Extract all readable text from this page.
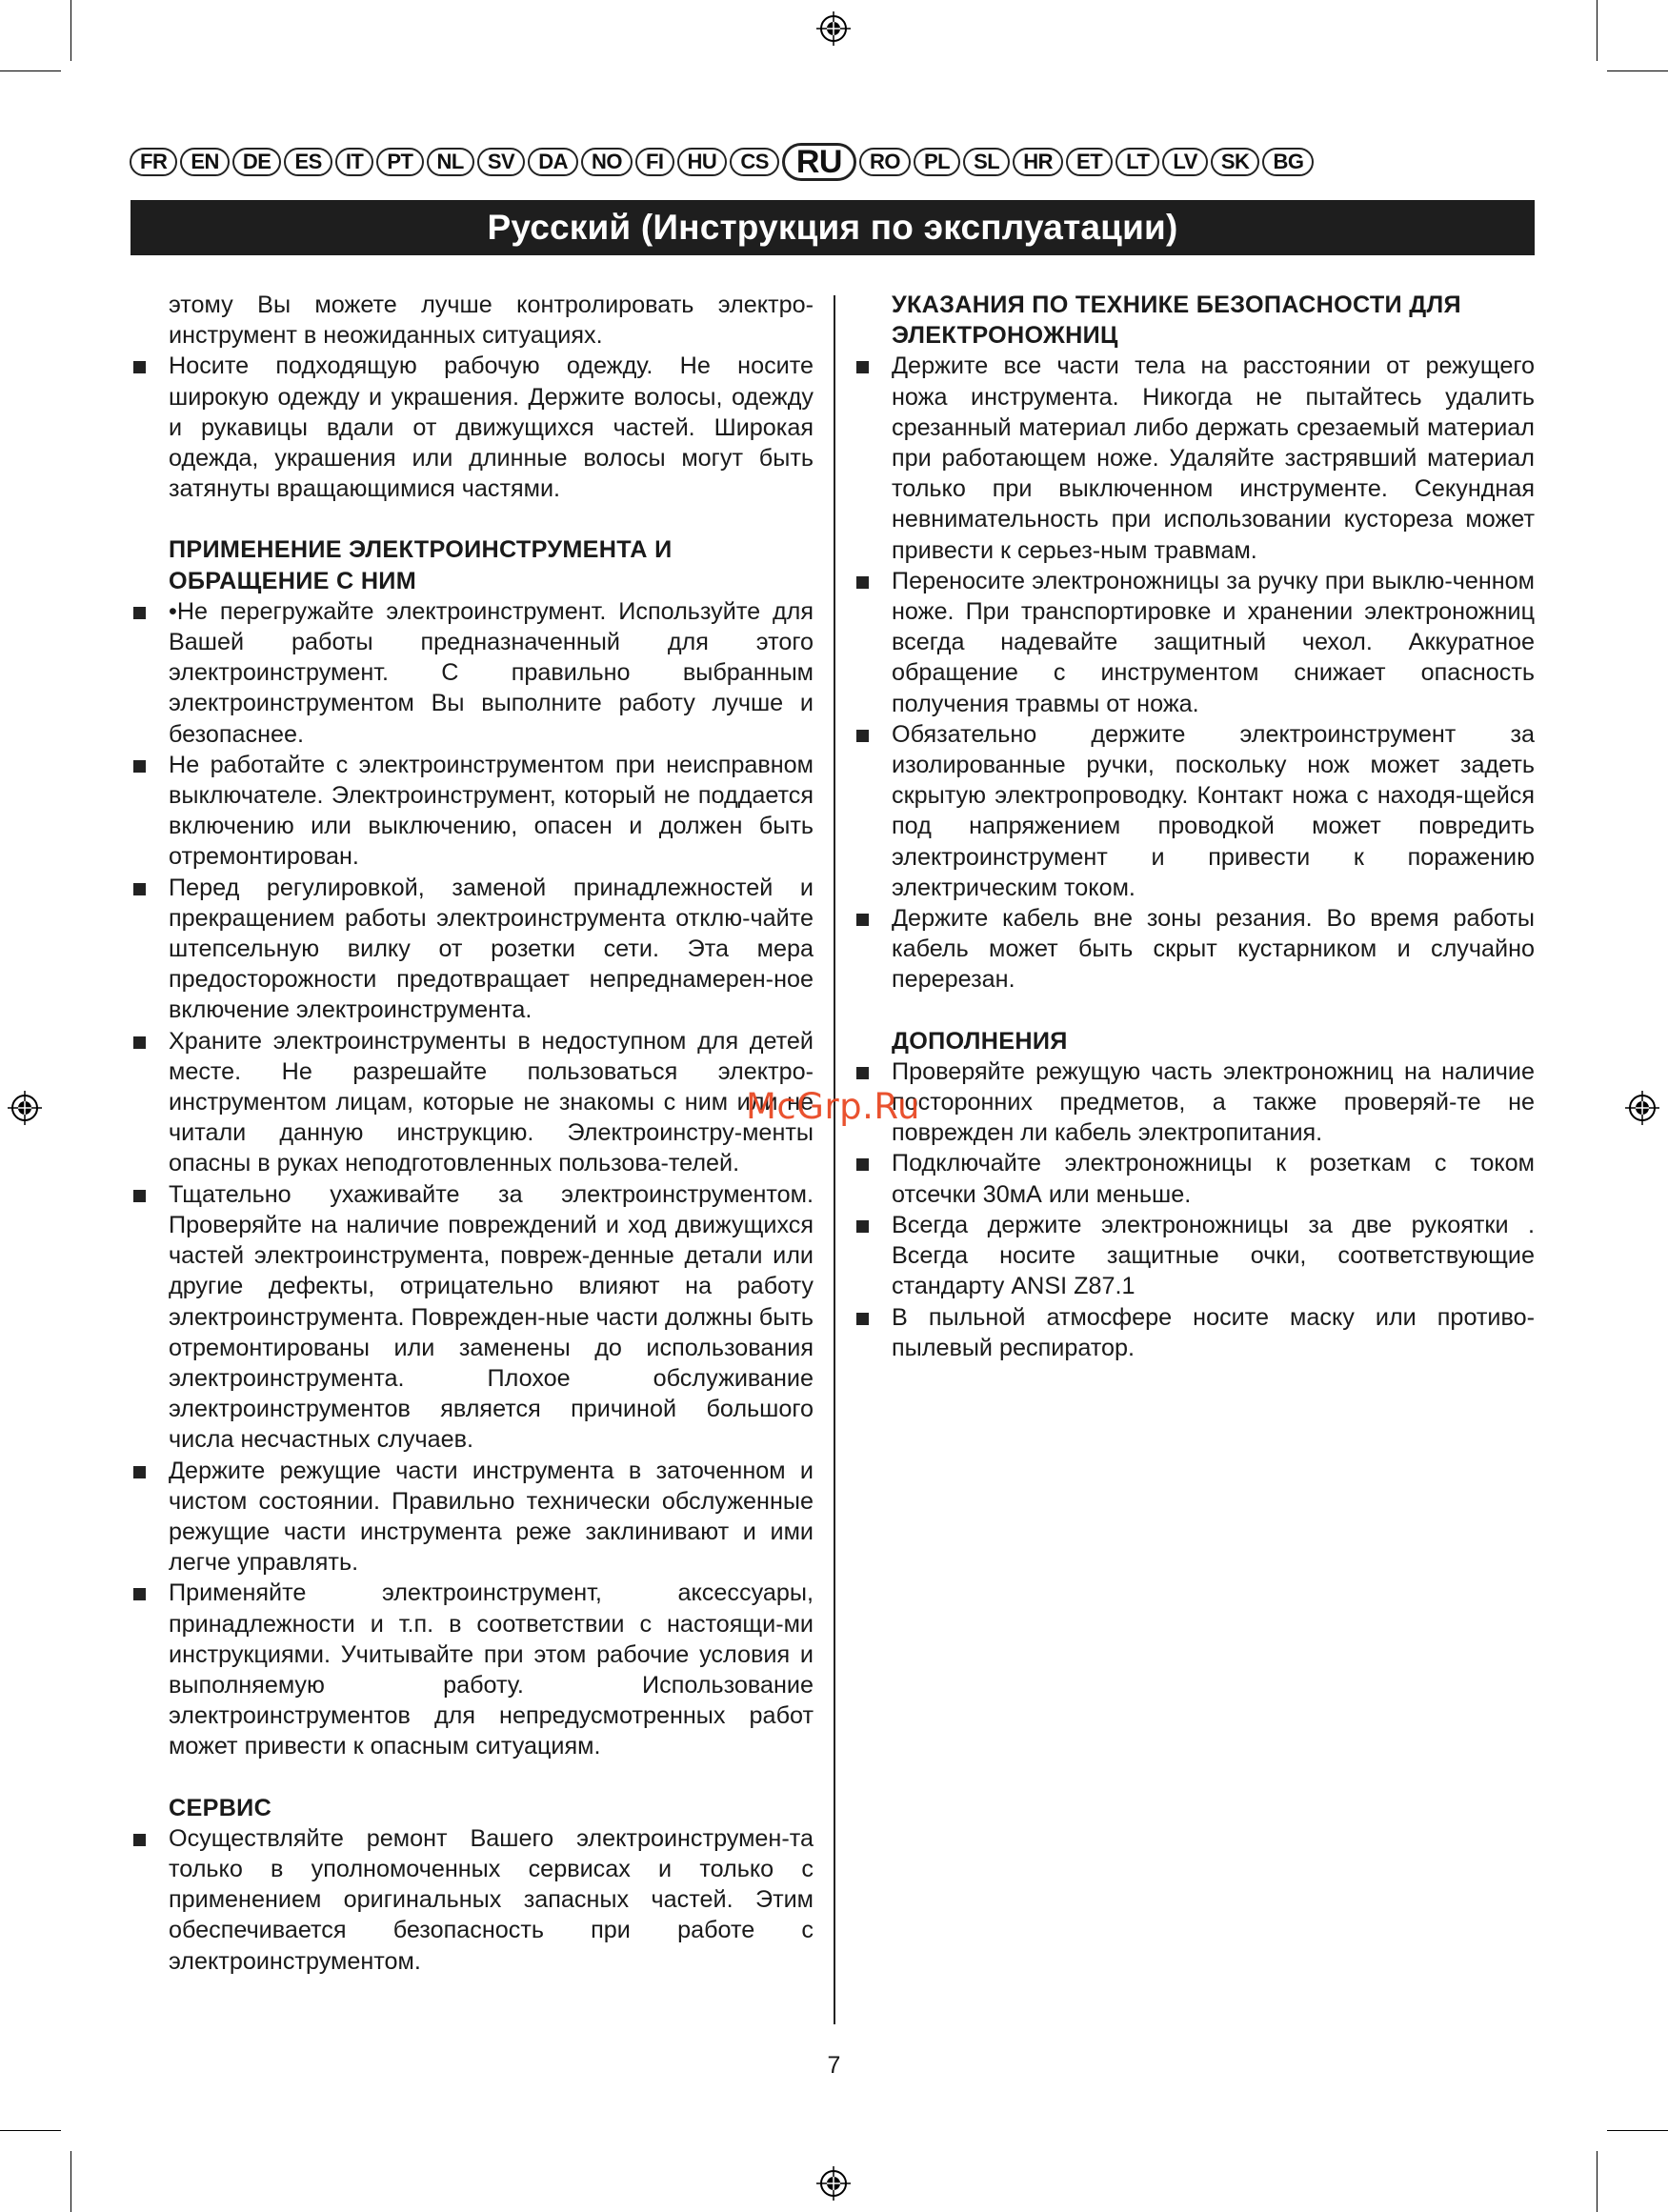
FR	EN	DE	ES	IT	PT	NL	SV	DA	NO	FI	HU	CS RU	RO	PL	SL	HR	ET	LT	LV	SK	BG
Русский (Инструкция по эксплуатации)
этому Вы можете лучше контролировать электро-инструмент в неожиданных ситуациях.
Носите подходящую рабочую одежду. Не носите широкую одежду и украшения. Держите волосы, одежду и рукавицы вдали от движущихся частей. Широкая одежда, украшения или длинные волосы могут быть затянуты вращающимися частями.
ПРИМЕНЕНИЕ ЭЛЕКТРОИНСТРУМЕНТА И ОБРАЩЕНИЕ С НИМ
•Не перегружайте электроинструмент. Используйте для Вашей работы предназначенный для этого электроинструмент. С правильно выбранным электроинструментом Вы выполните работу лучше и безопаснее.
Не работайте с электроинструментом при неисправном выключателе. Электроинструмент, который не поддается включению или выключению, опасен и должен быть отремонтирован.
Перед регулировкой, заменой принадлежностей и прекращением работы электроинструмента отклю-чайте штепсельную вилку от розетки сети. Эта мера предосторожности предотвращает непреднамерен-ное включение электроинструмента.
Храните электроинструменты в недоступном для детей месте. Не разрешайте пользоваться электро-инструментом лицам, которые не знакомы с ним или не читали данную инструкцию. Электроинстру-менты опасны в руках неподготовленных пользова-телей.
Тщательно ухаживайте за электроинструментом. Проверяйте на наличие повреждений и ход движущихся частей электроинструмента, повреж-денные детали или другие дефекты, отрицательно влияют на работу электроинструмента. Поврежден-ные части должны быть отремонтированы или заменены до использования электроинструмента. Плохое обслуживание электроинструментов является причиной большого числа несчастных случаев.
Держите режущие части инструмента в заточенном и чистом состоянии. Правильно технически обслуженные режущие части инструмента реже заклинивают и ими легче управлять.
Применяйте электроинструмент, аксессуары, принадлежности и т.п. в соответствии с настоящи-ми инструкциями. Учитывайте при этом рабочие условия и выполняемую работу. Использование электроинструментов для непредусмотренных работ может привести к опасным ситуациям.
СЕРВИС
Осуществляйте ремонт Вашего электроинструмен-та только в уполномоченных сервисах и только с применением оригинальных запасных частей. Этим обеспечивается безопасность при работе с электроинструментом.
УКАЗАНИЯ ПО ТЕХНИКЕ БЕЗОПАСНОСТИ ДЛЯ ЭЛЕКТРОНОЖНИЦ
Держите все части тела на расстоянии от режущего ножа инструмента. Никогда не пытайтесь удалить срезанный материал либо держать срезаемый материал при работающем ноже. Удаляйте застрявший материал только при выключенном инструменте. Секундная невнимательность при использовании кустореза может привести к серьез-ным травмам.
Переносите электроножницы за ручку при выклю-ченном ноже. При транспортировке и хранении электроножниц всегда надевайте защитный чехол. Аккуратное обращение с инструментом снижает опасность получения травмы от ножа.
Обязательно держите электроинструмент за изолированные ручки, поскольку нож может задеть скрытую электропроводку. Контакт ножа с находя-щейся под напряжением проводкой может повредить электроинструмент и привести к поражению электрическим током.
Держите кабель вне зоны резания. Во время работы кабель может быть скрыт кустарником и случайно перерезан.
ДОПОЛНЕНИЯ
Проверяйте режущую часть электроножниц на наличие посторонних предметов, а также проверяй-те не поврежден ли кабель электропитания.
Подключайте электроножницы к розеткам с током отсечки 30мА или меньше.
Всегда держите электроножницы за две рукоятки . Всегда носите защитные очки, соответствующие стандарту ANSI Z87.1
В пыльной атмосфере носите маску или противо-пылевый респиратор.
McGrp.Ru
7
